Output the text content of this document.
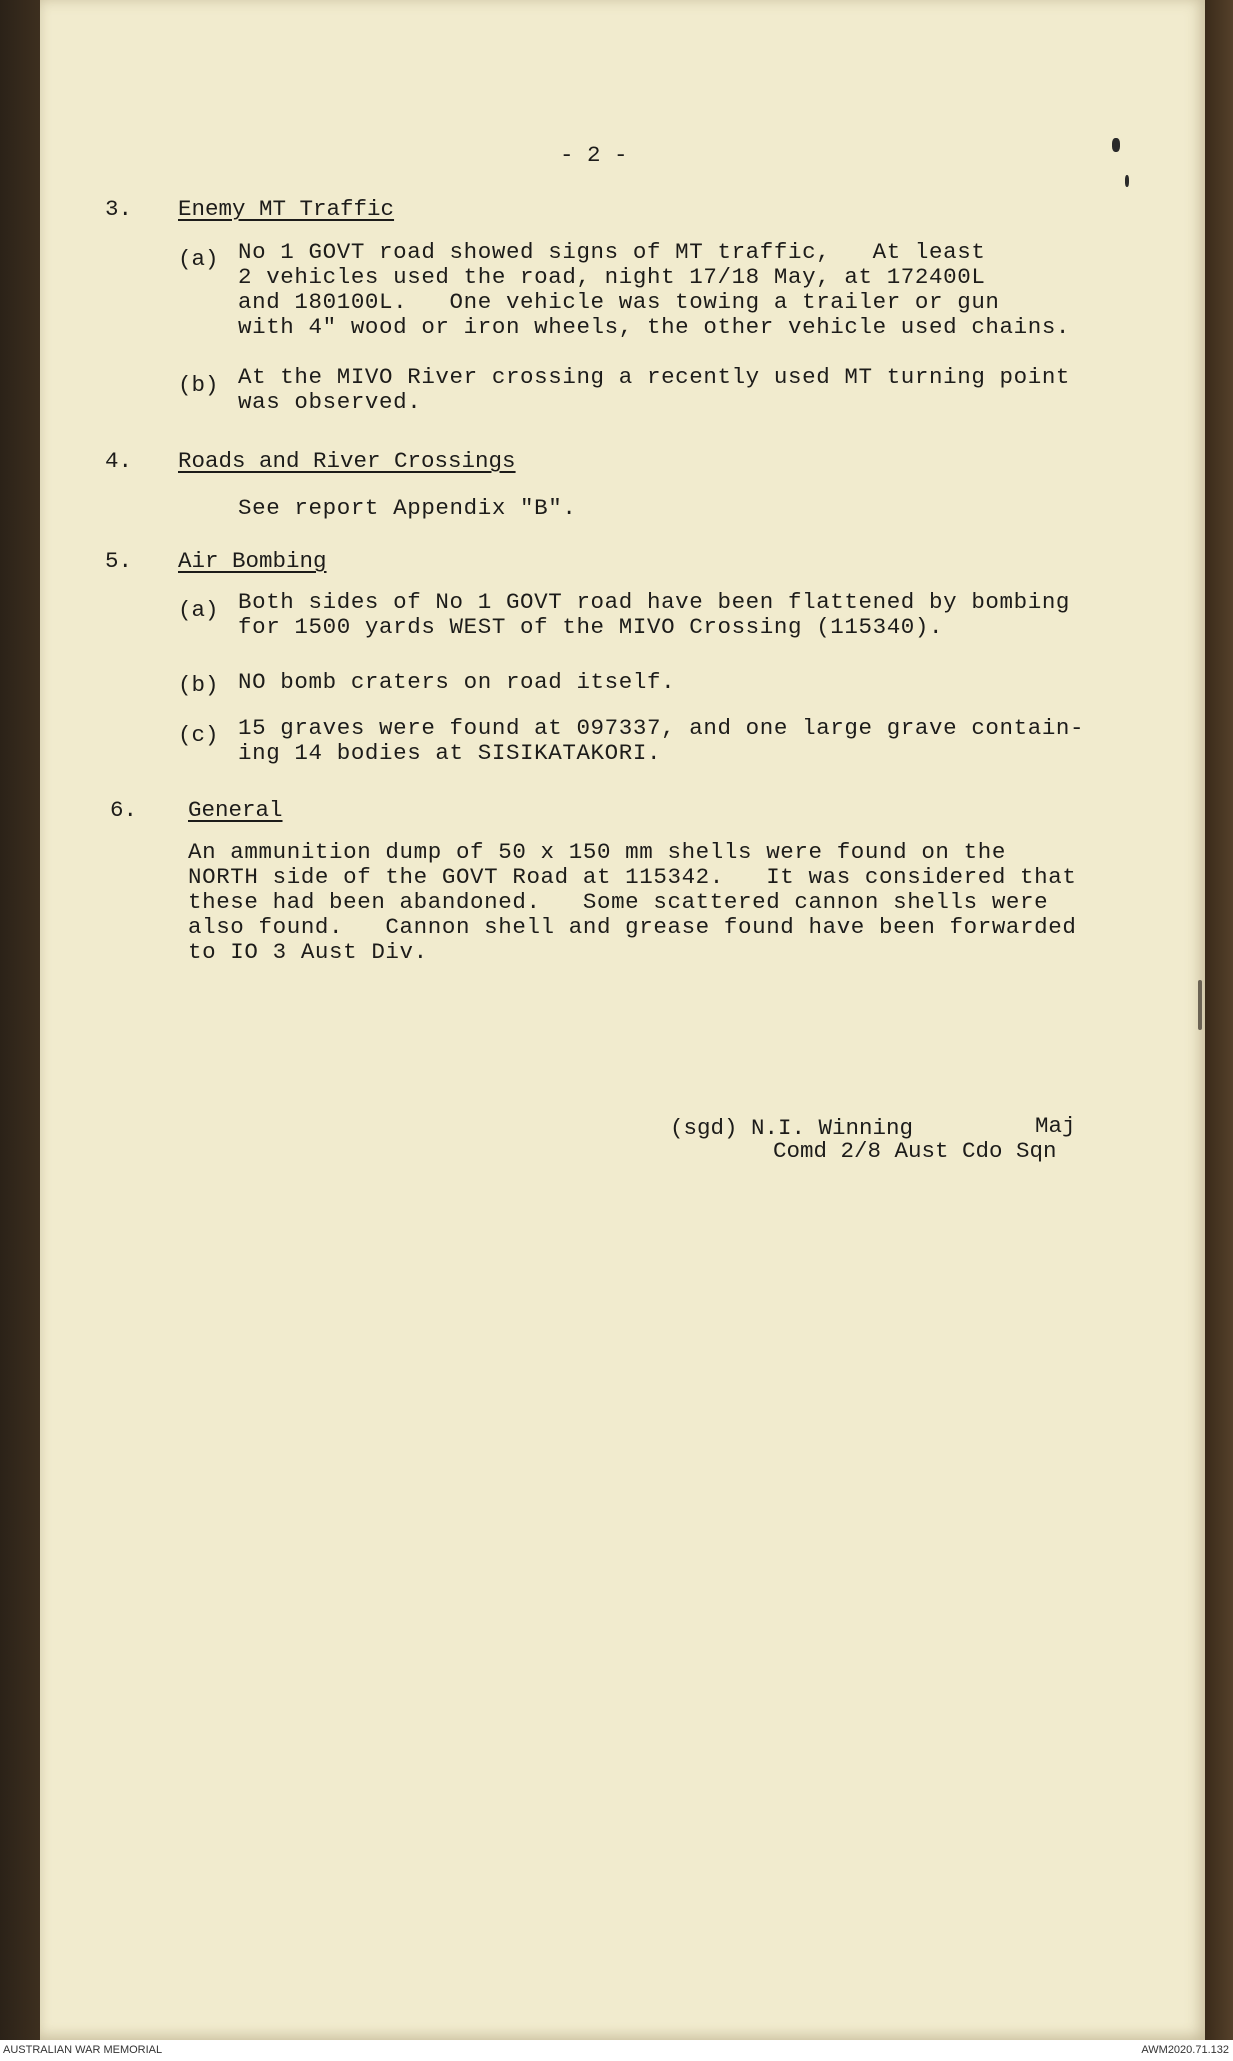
- 2 -
3. Enemy MT Traffic
(a) No 1 GOVT road showed signs of MT traffic,   At least
2 vehicles used the road, night 17/18 May, at 172400L
and 180100L.   One vehicle was towing a trailer or gun
with 4" wood or iron wheels, the other vehicle used chains.
(b) At the MIVO River crossing a recently used MT turning point
was observed.
4. Roads and River Crossings
See report Appendix "B".
5. Air Bombing
(a) Both sides of No 1 GOVT road have been flattened by bombing
for 1500 yards WEST of the MIVO Crossing (115340).
(b) NO bomb craters on road itself.
(c) 15 graves were found at 097337, and one large grave contain-
ing 14 bodies at SISIKATAKORI.
6. General
An ammunition dump of 50 x 150 mm shells were found on the
NORTH side of the GOVT Road at 115342.   It was considered that
these had been abandoned.   Some scattered cannon shells were
also found.   Cannon shell and grease found have been forwarded
to IO 3 Aust Div.
(sgd) N.I. Winning	Maj
Comd 2/8 Aust Cdo Sqn
AUSTRALIAN WAR MEMORIAL	AWM2020.71.132
